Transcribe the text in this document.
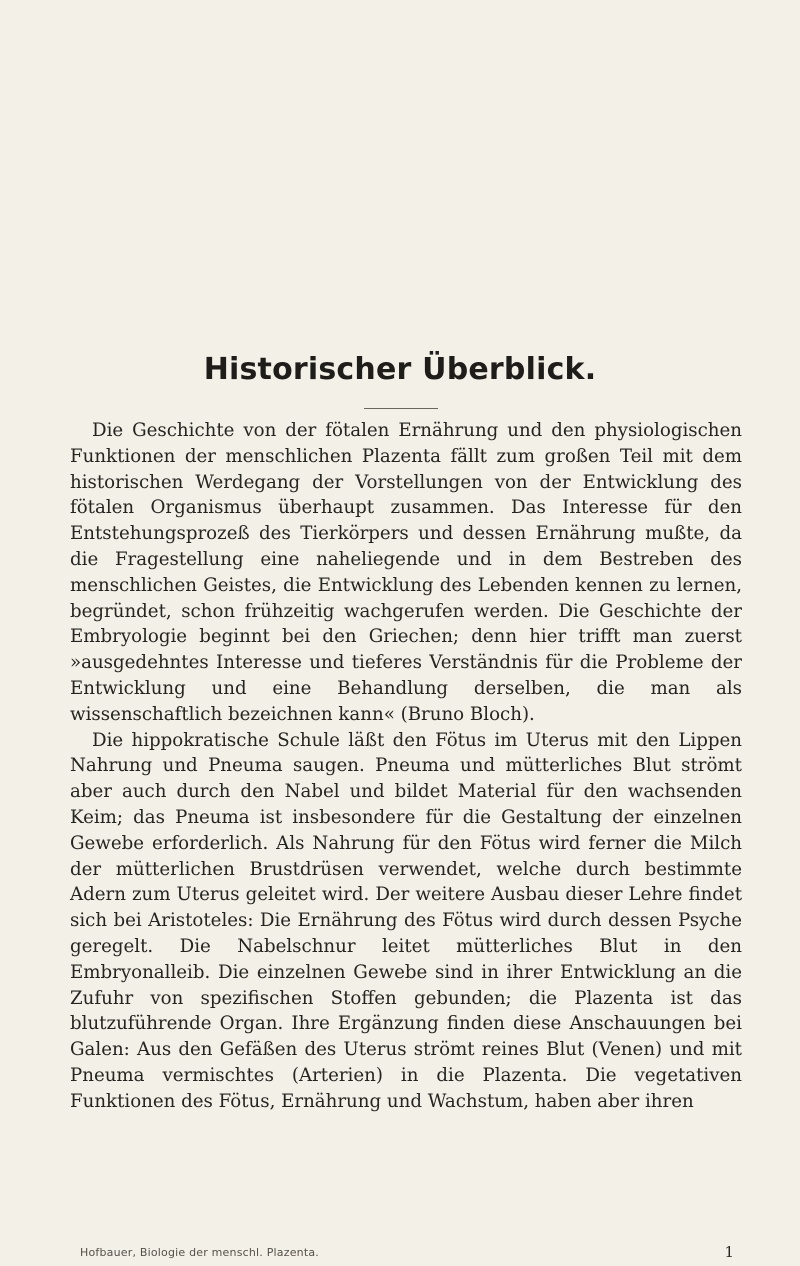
Historischer Überblick.

Die Geschichte von der fötalen Ernährung und den physiologischen Funktionen der menschlichen Plazenta fällt zum großen Teil mit dem historischen Werdegang der Vorstellungen von der Entwicklung des fötalen Organismus überhaupt zusammen. Das Interesse für den Entstehungsprozeß des Tierkörpers und dessen Ernährung mußte, da die Fragestellung eine naheliegende und in dem Bestreben des menschlichen Geistes, die Entwicklung des Lebenden kennen zu lernen, begründet, schon frühzeitig wachgerufen werden. Die Geschichte der Embryologie beginnt bei den Griechen; denn hier trifft man zuerst »ausgedehntes Interesse und tieferes Verständnis für die Probleme der Entwicklung und eine Behandlung derselben, die man als wissenschaftlich bezeichnen kann« (Bruno Bloch).

Die hippokratische Schule läßt den Fötus im Uterus mit den Lippen Nahrung und Pneuma saugen. Pneuma und mütterliches Blut strömt aber auch durch den Nabel und bildet Material für den wachsenden Keim; das Pneuma ist insbesondere für die Gestaltung der einzelnen Gewebe erforderlich. Als Nahrung für den Fötus wird ferner die Milch der mütterlichen Brustdrüsen verwendet, welche durch bestimmte Adern zum Uterus geleitet wird. Der weitere Ausbau dieser Lehre findet sich bei Aristoteles: Die Ernährung des Fötus wird durch dessen Psyche geregelt. Die Nabelschnur leitet mütterliches Blut in den Embryonalleib. Die einzelnen Gewebe sind in ihrer Entwicklung an die Zufuhr von spezifischen Stoffen gebunden; die Plazenta ist das blutzuführende Organ. Ihre Ergänzung finden diese Anschauungen bei Galen: Aus den Gefäßen des Uterus strömt reines Blut (Venen) und mit Pneuma vermischtes (Arterien) in die Plazenta. Die vegetativen Funktionen des Fötus, Ernährung und Wachstum, haben aber ihren

Hofbauer, Biologie der menschl. Plazenta.	1
